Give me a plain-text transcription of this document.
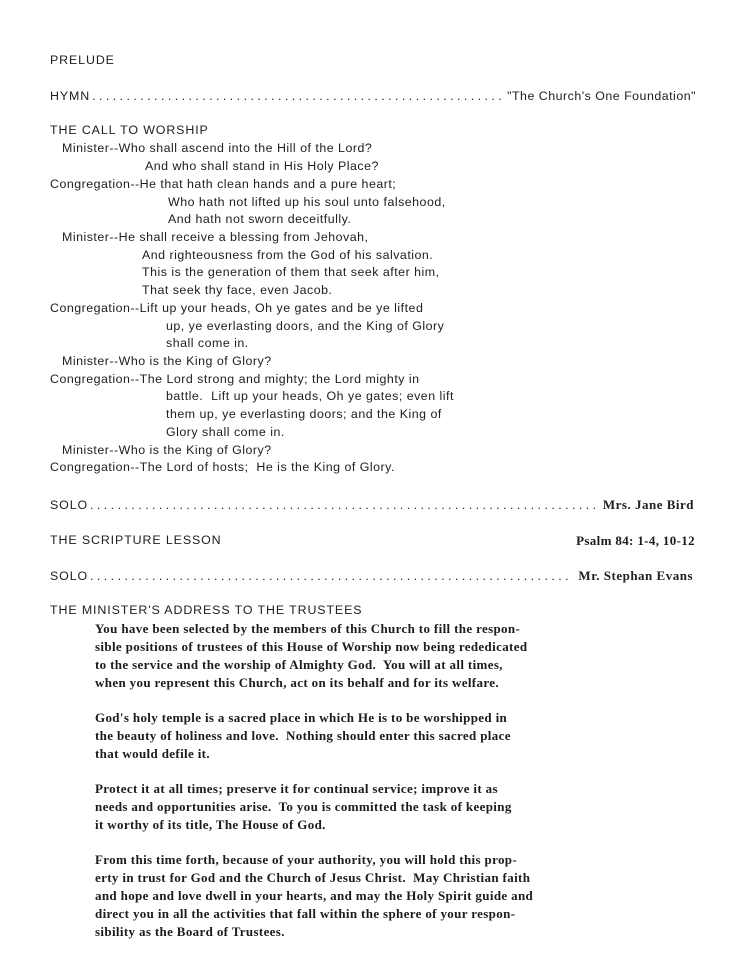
PRELUDE
HYMN . . .	"The Church's One Foundation"
THE CALL TO WORSHIP
Minister--Who shall ascend into the Hill of the Lord?
And who shall stand in His Holy Place?
Congregation--He that hath clean hands and a pure heart;
Who hath not lifted up his soul unto falsehood,
And hath not sworn deceitfully.
Minister--He shall receive a blessing from Jehovah,
And righteousness from the God of his salvation.
This is the generation of them that seek after him,
That seek thy face, even Jacob.
Congregation--Lift up your heads, Oh ye gates and be ye lifted
up, ye everlasting doors, and the King of Glory
shall come in.
Minister--Who is the King of Glory?
Congregation--The Lord strong and mighty; the Lord mighty in
battle.  Lift up your heads, Oh ye gates; even lift
them up, ye everlasting doors; and the King of
Glory shall come in.
Minister--Who is the King of Glory?
Congregation--The Lord of hosts;  He is the King of Glory.
SOLO . . .	Mrs. Jane Bird
THE SCRIPTURE LESSON	Psalm 84: 1-4, 10-12
SOLO . . .	Mr. Stephan Evans
THE MINISTER'S ADDRESS TO THE TRUSTEES
You have been selected by the members of this Church to fill the respon-
sible positions of trustees of this House of Worship now being rededicated
to the service and the worship of Almighty God.  You will at all times,
when you represent this Church, act on its behalf and for its welfare.
God's holy temple is a sacred place in which He is to be worshipped in
the beauty of holiness and love.  Nothing should enter this sacred place
that would defile it.
Protect it at all times; preserve it for continual service; improve it as
needs and opportunities arise.  To you is committed the task of keeping
it worthy of its title, The House of God.
From this time forth, because of your authority, you will hold this prop-
erty in trust for God and the Church of Jesus Christ.  May Christian faith
and hope and love dwell in your hearts, and may the Holy Spirit guide and
direct you in all the activities that fall within the sphere of your respon-
sibility as the Board of Trustees.
